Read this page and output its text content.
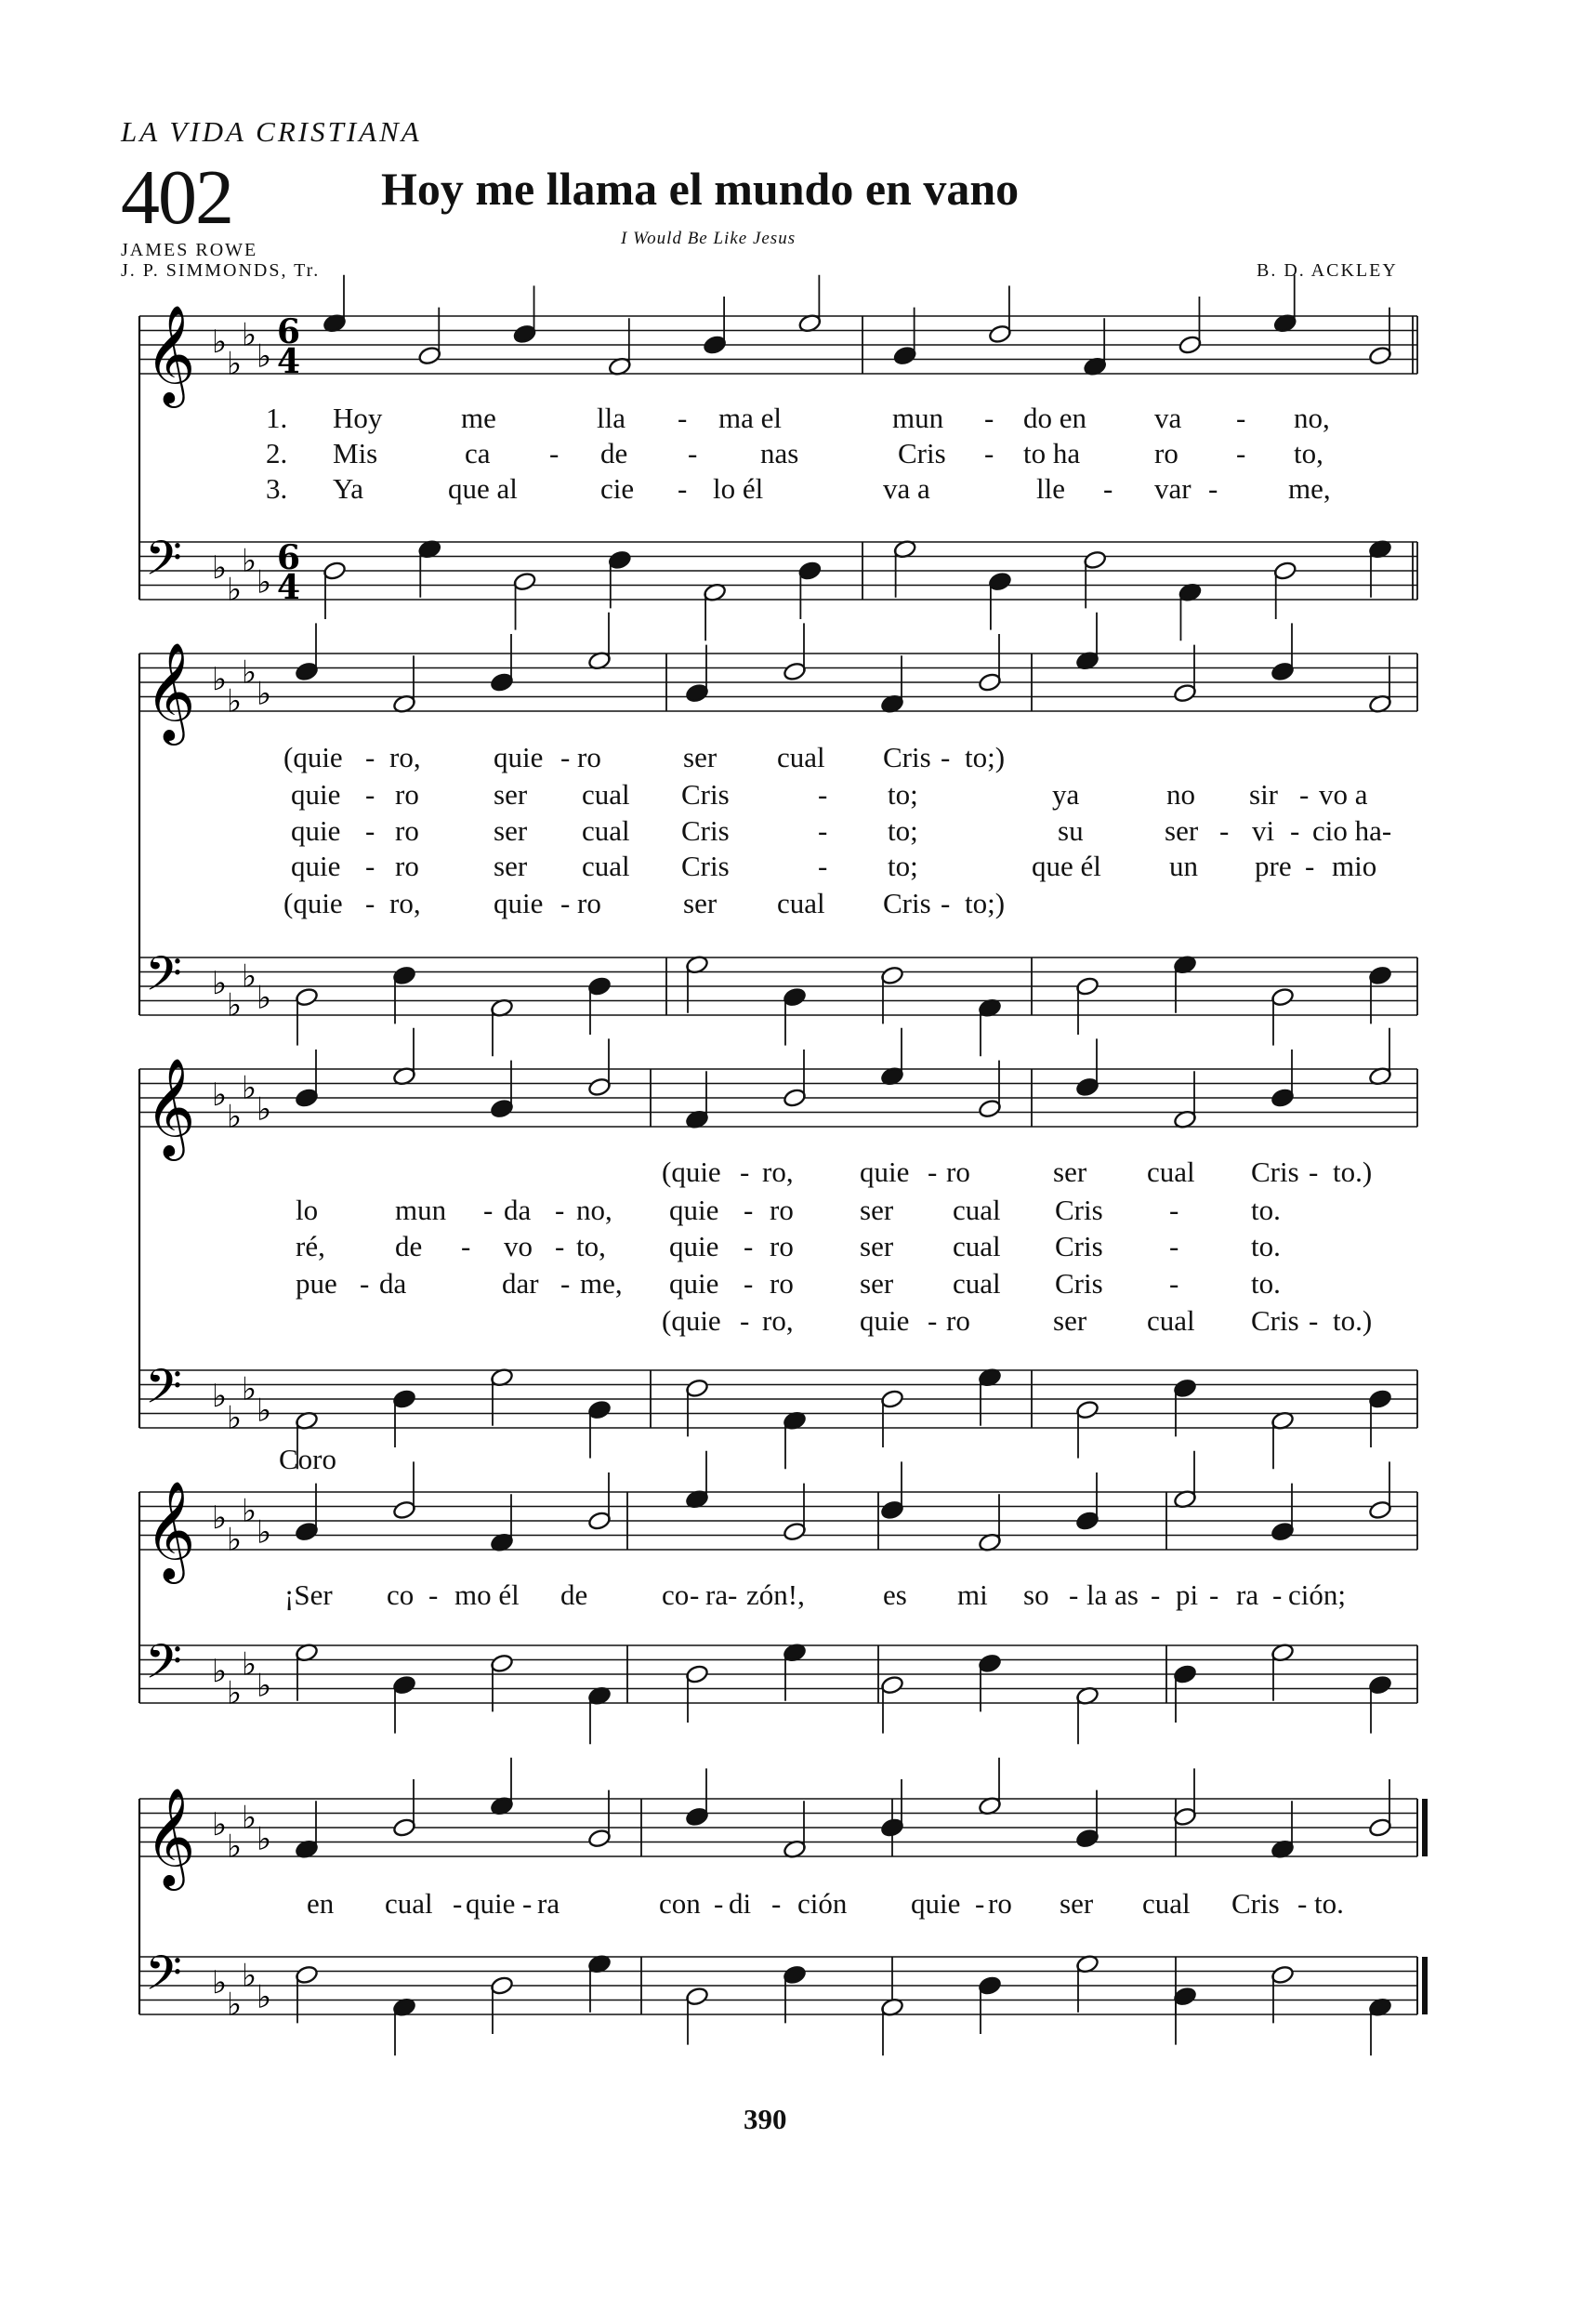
LA VIDA CRISTIANA
402	Hoy me llama el mundo en vano
I Would Be Like Jesus
JAMES ROWE
J. P. SIMMONDS, Tr.	B. D. ACKLEY
𝄞 ♭
♭
♭
♭
6
4
𝄢 ♭
♭
♭
♭
6
4
𝄞 ♭
♭
♭
♭
𝄢 ♭
♭
♭
♭
𝄞 ♭
♭
♭
♭
𝄢 ♭
♭
♭
♭
𝄞 ♭
♭
♭
♭
𝄢 ♭
♭
♭
♭
𝄞 ♭
♭
♭
♭
𝄢 ♭
♭
♭
♭
1. Hoy	me	lla - ma el	mun - do en va - no,
2. Mis	ca - de - nas	Cris - to ha	ro - to,
3. Ya	que al	cie - lo él	va a	lle - var - me,
(quie - ro,	quie - ro	ser cual Cris - to;)
quie - ro	ser cual Cris	- to;	ya	no sir - vo a
quie - ro	ser cual Cris	- to;	su	ser - vi - cio ha-
quie - ro	ser cual Cris	- to;	que él un pre - mio
(quie - ro,	quie - ro	ser cual Cris - to;)
(quie - ro, quie - ro	ser cual Cris - to.)
lo	mun - da - no, quie - ro ser cual Cris -	to.
ré, de - vo - to, quie - ro ser cual Cris -	to.
pue - da	dar - me, quie - ro ser cual Cris -	to.
(quie - ro, quie - ro	ser cual Cris - to.)
Coro
¡Ser co - mo él de	co - ra - zón!,	es mi so - la as - pi - ra - ción;
en cual - quie - ra	con - di - ción quie - ro ser cual Cris - to.
390
